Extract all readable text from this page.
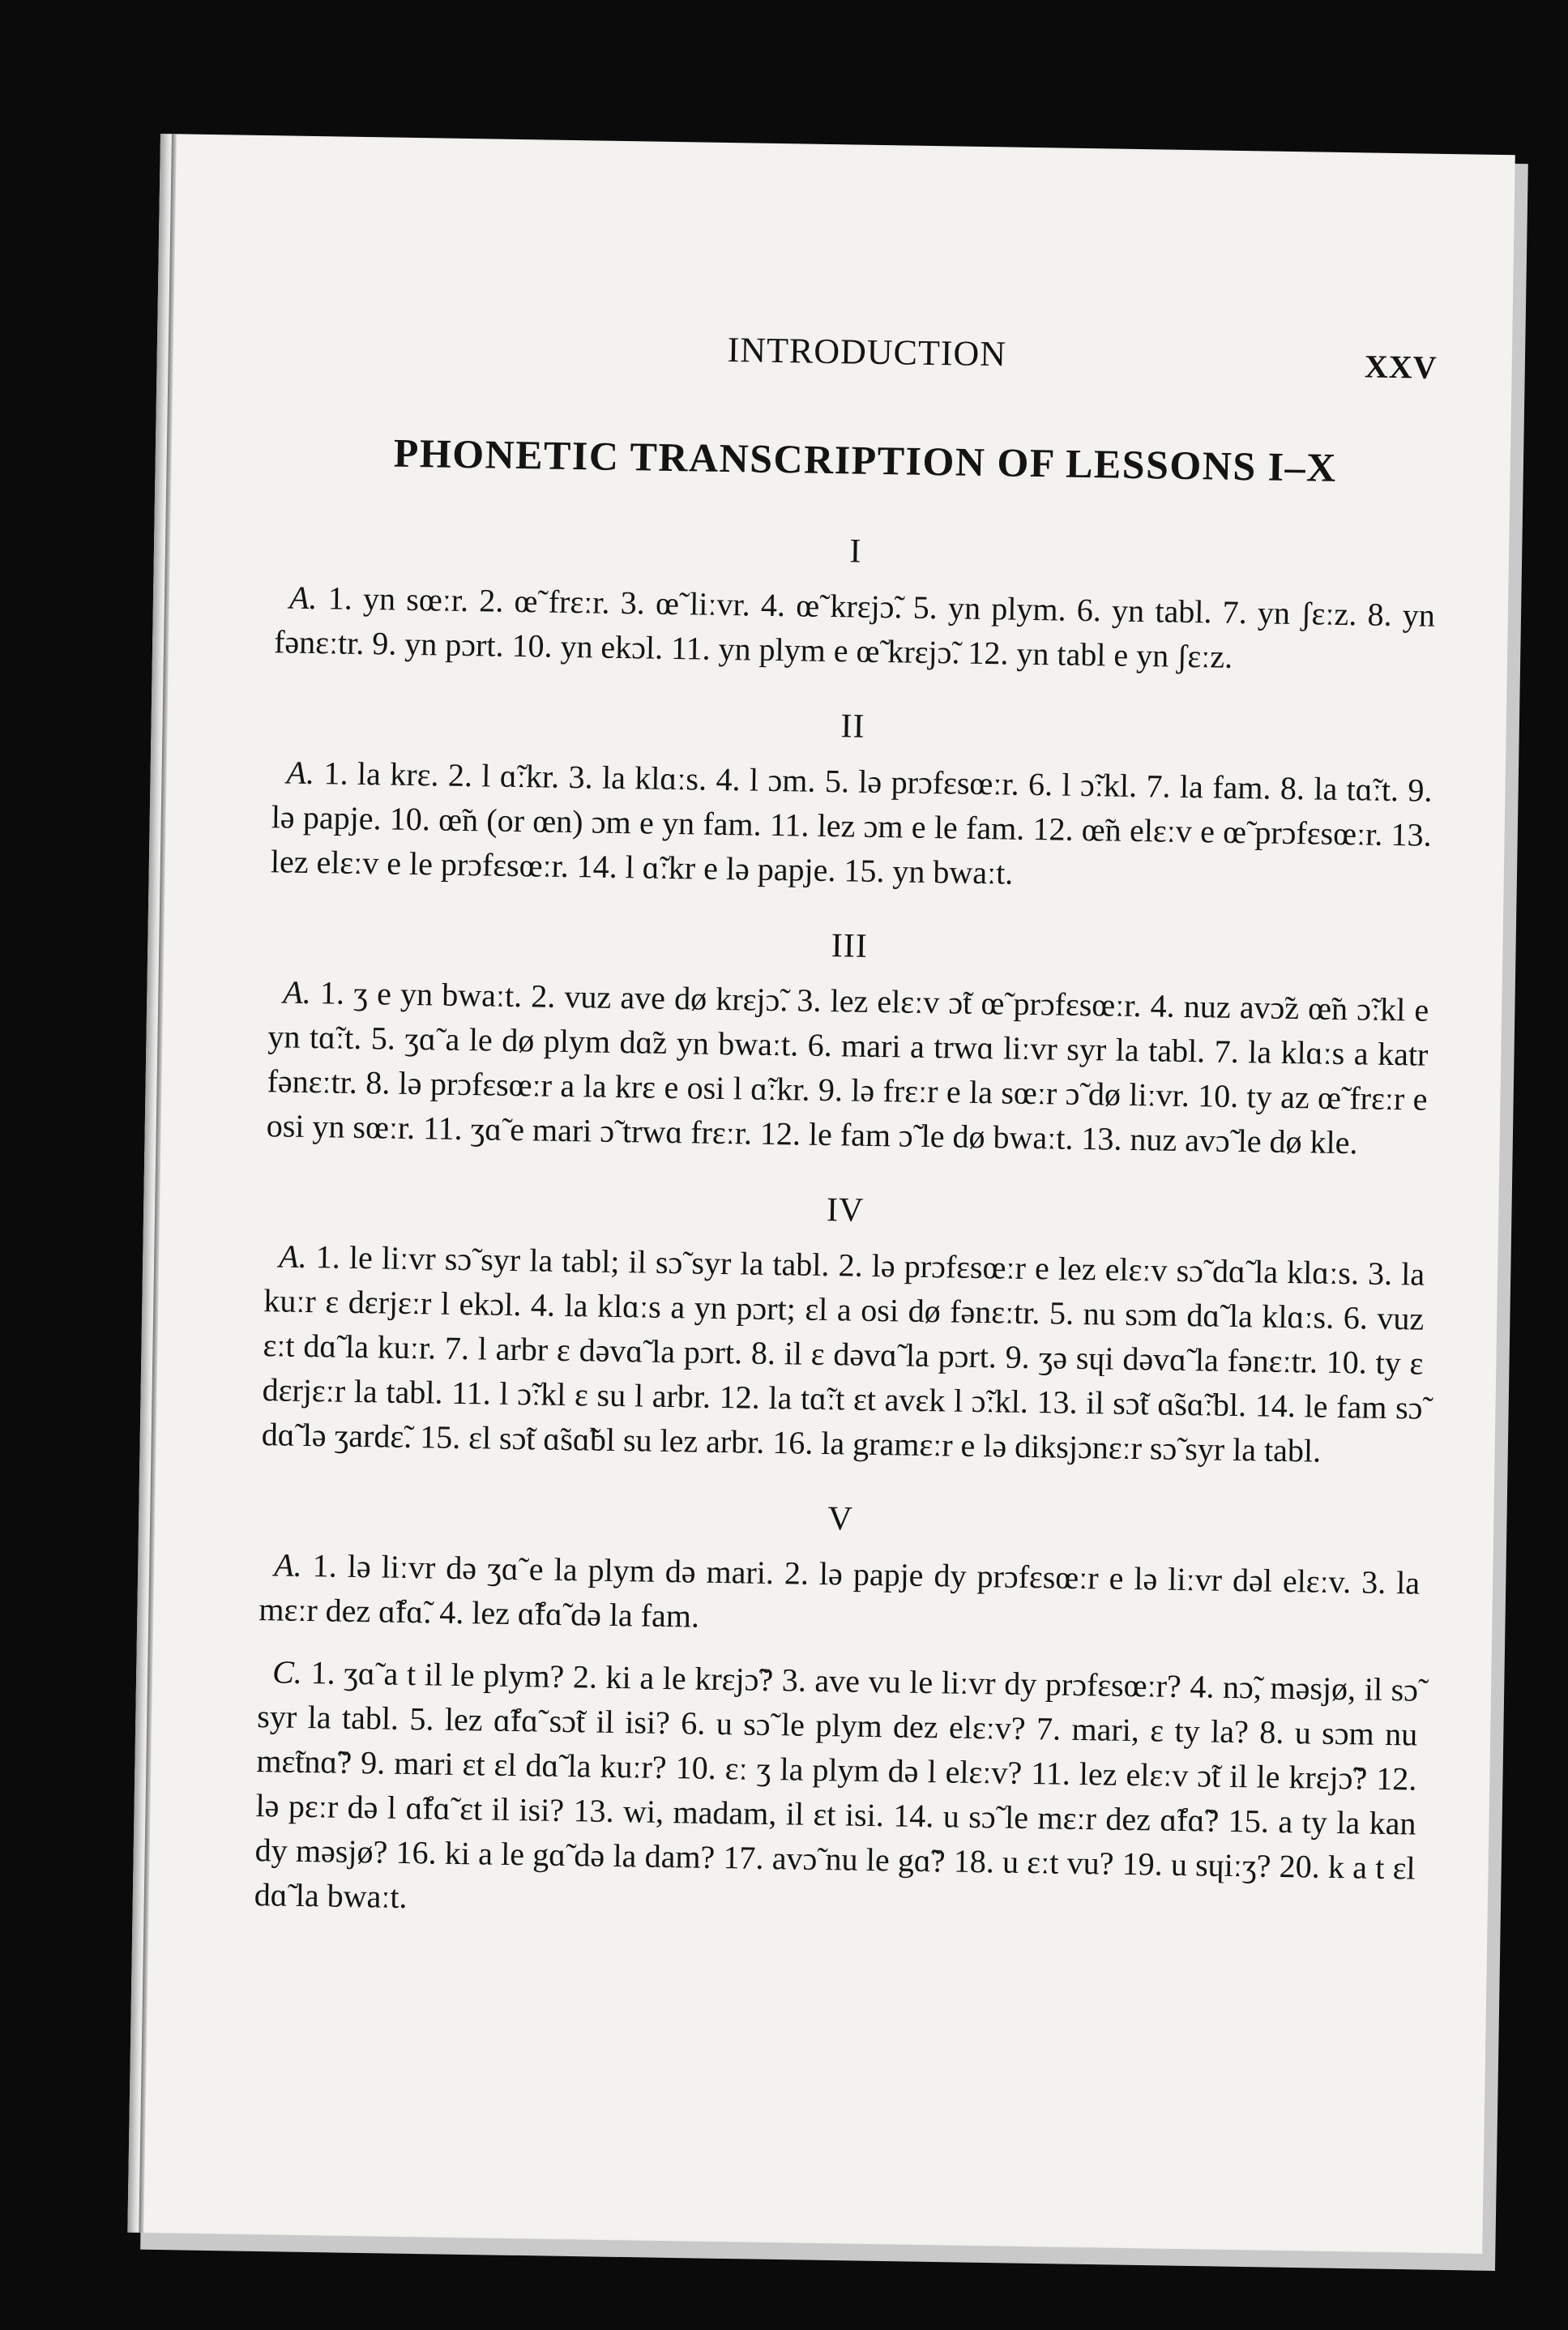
INTRODUCTION	XXV
PHONETIC TRANSCRIPTION OF LESSONS I–X
I

A. 1. yn sœːr. 2. œ̃ frɛːr. 3. œ̃ liːvr. 4. œ̃ krɛjɔ̃. 5. yn plym. 6. yn tabl. 7. yn ʃɛːz. 8. yn fənɛːtr. 9. yn pɔrt. 10. yn ekɔl. 11. yn plym e œ̃ krɛjɔ̃. 12. yn tabl e yn ʃɛːz.

II

A. 1. la krɛ. 2. l ɑ̃ːkr. 3. la klɑːs. 4. l ɔm. 5. lə prɔfɛsœːr. 6. l ɔ̃ːkl. 7. la fam. 8. la tɑ̃ːt. 9. lə papje. 10. œ̃n (or œn) ɔm e yn fam. 11. lez ɔm e le fam. 12. œ̃n elɛːv e œ̃ prɔfɛsœːr. 13. lez elɛːv e le prɔfɛsœːr. 14. l ɑ̃ːkr e lə papje. 15. yn bwaːt.

III

A. 1. ʒ e yn bwaːt. 2. vuz ave dø krɛjɔ̃. 3. lez elɛːv ɔ̃t œ̃ prɔfɛsœːr. 4. nuz avɔ̃z œ̃n ɔ̃ːkl e yn tɑ̃ːt. 5. ʒɑ̃ a le dø plym dɑ̃z yn bwaːt. 6. mari a trwɑ liːvr syr la tabl. 7. la klɑːs a katr fənɛːtr. 8. lə prɔfɛsœːr a la krɛ e osi l ɑ̃ːkr. 9. lə frɛːr e la sœːr ɔ̃ dø liːvr. 10. ty az œ̃ frɛːr e osi yn sœːr. 11. ʒɑ̃ e mari ɔ̃ trwɑ frɛːr. 12. le fam ɔ̃ le dø bwaːt. 13. nuz avɔ̃ le dø kle.

IV

A. 1. le liːvr sɔ̃ syr la tabl; il sɔ̃ syr la tabl. 2. lə prɔfɛsœːr e lez elɛːv sɔ̃ dɑ̃ la klɑːs. 3. la kuːr ɛ dɛrjɛːr l ekɔl. 4. la klɑːs a yn pɔrt; ɛl a osi dø fənɛːtr. 5. nu sɔm dɑ̃ la klɑːs. 6. vuz ɛːt dɑ̃ la kuːr. 7. l arbr ɛ dəvɑ̃ la pɔrt. 8. il ɛ dəvɑ̃ la pɔrt. 9. ʒə sɥi dəvɑ̃ la fənɛːtr. 10. ty ɛ dɛrjɛːr la tabl. 11. l ɔ̃ːkl ɛ su l arbr. 12. la tɑ̃ːt ɛt avɛk l ɔ̃ːkl. 13. il sɔ̃t ɑ̃sɑ̃ːbl. 14. le fam sɔ̃ dɑ̃ lə ʒardɛ̃. 15. ɛl sɔ̃t ɑ̃sɑ̃bl su lez arbr. 16. la gramɛːr e lə diksjɔnɛːr sɔ̃ syr la tabl.

V

A. 1. lə liːvr də ʒɑ̃ e la plym də mari. 2. lə papje dy prɔfɛsœːr e lə liːvr dəl elɛːv. 3. la mɛːr dez ɑ̃fɑ̃. 4. lez ɑ̃fɑ̃ də la fam.

C. 1. ʒɑ̃ a t il le plym? 2. ki a le krɛjɔ̃? 3. ave vu le liːvr dy prɔfɛsœːr? 4. nɔ̃, məsjø, il sɔ̃ syr la tabl. 5. lez ɑ̃fɑ̃ sɔ̃t il isi? 6. u sɔ̃ le plym dez elɛːv? 7. mari, ɛ ty la? 8. u sɔm nu mɛ̃tnɑ̃? 9. mari ɛt ɛl dɑ̃ la kuːr? 10. ɛː ʒ la plym də l elɛːv? 11. lez elɛːv ɔ̃t il le krɛjɔ̃? 12. lə pɛːr də l ɑ̃fɑ̃ ɛt il isi? 13. wi, madam, il ɛt isi. 14. u sɔ̃ le mɛːr dez ɑ̃fɑ̃? 15. a ty la kan dy məsjø? 16. ki a le gɑ̃ də la dam? 17. avɔ̃ nu le gɑ̃? 18. u ɛːt vu? 19. u sɥiːʒ? 20. k a t ɛl dɑ̃ la bwaːt.
